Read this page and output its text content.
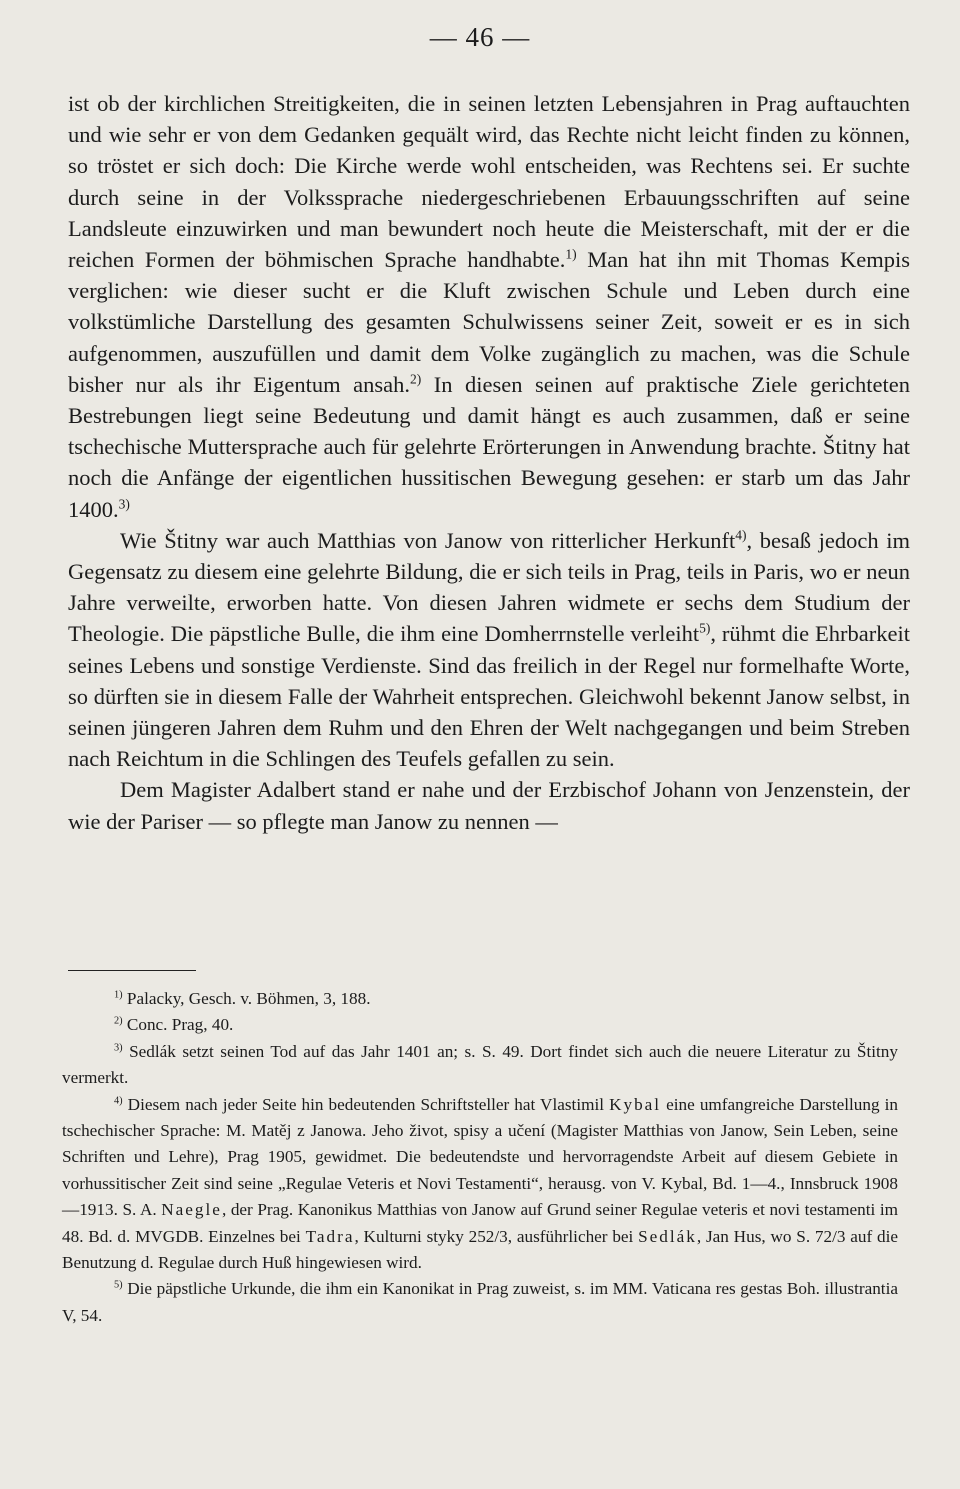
— 46 —

ist ob der kirchlichen Streitigkeiten, die in seinen letzten Lebensjahren in Prag auftauchten und wie sehr er von dem Gedanken gequält wird, das Rechte nicht leicht finden zu können, so tröstet er sich doch: Die Kirche werde wohl entscheiden, was Rechtens sei. Er suchte durch seine in der Volkssprache niedergeschriebenen Erbauungsschriften auf seine Landsleute einzuwirken und man bewundert noch heute die Meisterschaft, mit der er die reichen Formen der böhmischen Sprache handhabte.$^{1)}$ Man hat ihn mit Thomas Kempis verglichen: wie dieser sucht er die Kluft zwischen Schule und Leben durch eine volkstümliche Darstellung des gesamten Schulwissens seiner Zeit, soweit er es in sich aufgenommen, auszufüllen und damit dem Volke zugänglich zu machen, was die Schule bisher nur als ihr Eigentum ansah.$^{2)}$ In diesen seinen auf praktische Ziele gerichteten Bestrebungen liegt seine Bedeutung und damit hängt es auch zusammen, daß er seine tschechische Muttersprache auch für gelehrte Erörterungen in Anwendung brachte. Štitny hat noch die Anfänge der eigentlichen hussitischen Bewegung gesehen: er starb um das Jahr 1400.$^{3)}$

Wie Štitny war auch Matthias von Janow von ritterlicher Herkunft$^{4)}$, besaß jedoch im Gegensatz zu diesem eine gelehrte Bildung, die er sich teils in Prag, teils in Paris, wo er neun Jahre verweilte, erworben hatte. Von diesen Jahren widmete er sechs dem Studium der Theologie. Die päpstliche Bulle, die ihm eine Domherrnstelle verleiht$^{5)}$, rühmt die Ehrbarkeit seines Lebens und sonstige Verdienste. Sind das freilich in der Regel nur formelhafte Worte, so dürften sie in diesem Falle der Wahrheit entsprechen. Gleichwohl bekennt Janow selbst, in seinen jüngeren Jahren dem Ruhm und den Ehren der Welt nachgegangen und beim Streben nach Reichtum in die Schlingen des Teufels gefallen zu sein.

Dem Magister Adalbert stand er nahe und der Erzbischof Johann von Jenzenstein, der wie der Pariser — so pflegte man Janow zu nennen —

$^{1)}$ Palacky, Gesch. v. Böhmen, 3, 188.

$^{2)}$ Conc. Prag, 40.

$^{3)}$ Sedlák setzt seinen Tod auf das Jahr 1401 an; s. S. 49. Dort findet sich auch die neuere Literatur zu Štitny vermerkt.

$^{4)}$ Diesem nach jeder Seite hin bedeutenden Schriftsteller hat Vlastimil Kybal eine umfangreiche Darstellung in tschechischer Sprache: M. Matěj z Janowa. Jeho život, spisy a učení (Magister Matthias von Janow, Sein Leben, seine Schriften und Lehre), Prag 1905, gewidmet. Die bedeutendste und hervorragendste Arbeit auf diesem Gebiete in vorhussitischer Zeit sind seine „Regulae Veteris et Novi Testamenti“, herausg. von V. Kybal, Bd. 1—4., Innsbruck 1908—1913. S. A. Naegle, der Prag. Kanonikus Matthias von Janow auf Grund seiner Regulae veteris et novi testamenti im 48. Bd. d. MVGDB. Einzelnes bei Tadra, Kulturni styky 252/3, ausführlicher bei Sedlák, Jan Hus, wo S. 72/3 auf die Benutzung d. Regulae durch Huß hingewiesen wird.

$^{5)}$ Die päpstliche Urkunde, die ihm ein Kanonikat in Prag zuweist, s. im MM. Vaticana res gestas Boh. illustrantia V, 54.
